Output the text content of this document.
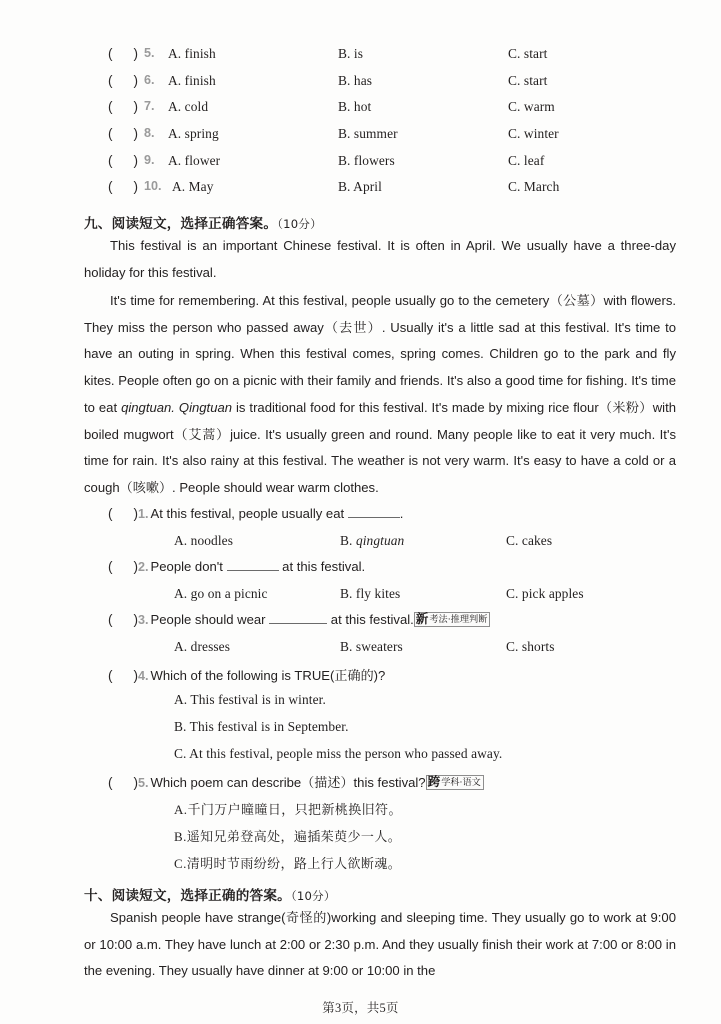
( ) 5. A. finish	B. is	C. start
( ) 6. A. finish	B. has	C. start
( ) 7. A. cold	B. hot	C. warm
( ) 8. A. spring	B. summer	C. winter
( ) 9. A. flower	B. flowers	C. leaf
( ) 10. A. May	B. April	C. March
九、阅读短文，选择正确答案。（10分）
This festival is an important Chinese festival. It is often in April. We usually have a three-day holiday for this festival.
It's time for remembering. At this festival, people usually go to the cemetery（公墓）with flowers. They miss the person who passed away（去世）. Usually it's a little sad at this festival. It's time to have an outing in spring. When this festival comes, spring comes. Children go to the park and fly kites. People often go on a picnic with their family and friends. It's also a good time for fishing. It's time to eat qingtuan. Qingtuan is traditional food for this festival. It's made by mixing rice flour（米粉）with boiled mugwort（艾蒿）juice. It's usually green and round. Many people like to eat it very much. It's time for rain. It's also rainy at this festival. The weather is not very warm. It's easy to have a cold or a cough（咳嗽）. People should wear warm clothes.
( )1. At this festival, people usually eat	.
A. noodles	B. qingtuan	C. cakes
( )2. People don't	at this festival.
A. go on a picnic	B. fly kites	C. pick apples
( )3. People should wear	at this festival. 新考法·推理判断
A. dresses	B. sweaters	C. shorts
( )4. Which of the following is TRUE(正确的)?
A. This festival is in winter.
B. This festival is in September.
C. At this festival, people miss the person who passed away.
( )5. Which poem can describe（描述）this festival? 跨学科·语文
A.千门万户曈曈日，只把新桃换旧符。
B.遥知兄弟登高处，遍插茱萸少一人。
C.清明时节雨纷纷，路上行人欲断魂。
十、阅读短文，选择正确的答案。（10分）
Spanish people have strange(奇怪的)working and sleeping time. They usually go to work at 9:00 or 10:00 a.m. They have lunch at 2:00 or 2:30 p.m. And they usually finish their work at 7:00 or 8:00 in the evening. They usually have dinner at 9:00 or 10:00 in the
第3页，共5页
